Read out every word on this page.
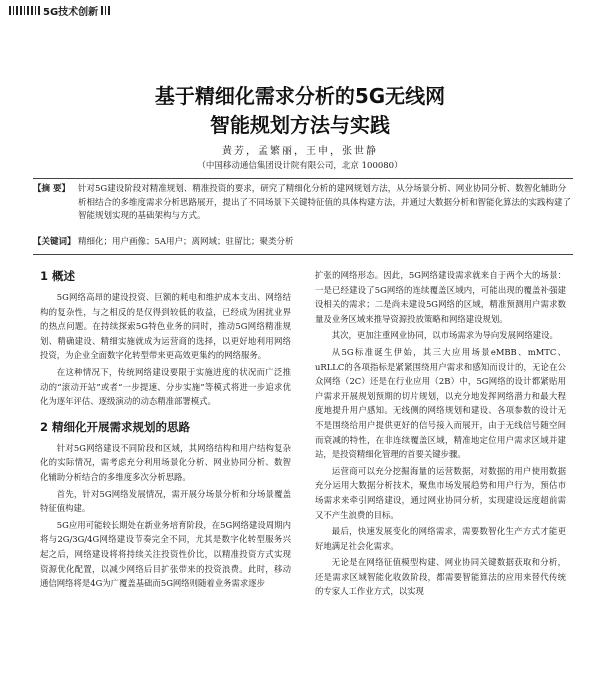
5G技术创新
基于精细化需求分析的5G无线网
智能规划方法与实践
黄芳，孟繁丽，王申，张世静
（中国移动通信集团设计院有限公司，北京 100080）
【摘 要】 针对5G建设阶段对精准规划、精准投资的要求，研究了精细化分析的建网规划方法，从分场景分析、网业协同分析、数智化辅助分析相结合的多维度需求分析思路展开，提出了不同场景下关键特征值的具体构建方法，并通过大数据分析和智能化算法的实践构建了智能规划实现的基础架构与方式。
【关键词】 精细化；用户画像；5A用户；离网域；驻留比；聚类分析
1 概述

5G网络高昂的建设投资、巨额的耗电和维护成本支出、网络结构的复杂性，与之相反的是仅得到较低的收益，已经成为困扰业界的热点问题。在持续探索5G特色业务的同时，推动5G网络精准规划、精确建设、精细实施就成为运营商的选择，以更好地利用网络投资，为企业全面数字化转型带来更高效更集约的网络服务。

在这种情况下，传统网络建设要限于实施进度的状况而广泛推动的“滚动开站”或者“一步提速、分步实施”等模式将进一步追求优化为逐年评估、逐级演动的动态精准部署模式。

2 精细化开展需求规划的思路

针对5G网络建设不同阶段和区域，其网络结构和用户结构复杂化的实际情况，需考虑充分利用场景化分析、网业协同分析、数智化辅助分析结合的多维度多次分析思路。

首先，针对5G网络发展情况，需开展分场景分析和分场景覆盖特征值构建。

5G应用可能较长期处在新业务培育阶段，在5G网络建设周期内将与2G/3G/4G网络建设节奏完全不同，尤其是数字化转型服务兴起之后，网络建设将将持续关注投资性价比，以精准投资方式实现资源优化配置，以减少网络后目扩张带来的投资浪费。此时，移动通信网络将是4G为广覆盖基础而5G网络则随着业务需求逐步

扩张的网络形态。因此，5G网络建设需求就来自于两个大的场景：一是已经建设了5G网络的连续覆盖区域内，可能出现的覆盖补强建设相关的需求；二是尚未建设5G网络的区域，精准预测用户需求数量及业务区域来推导资源投放策略和网络建设规划。

其次，更加注重网业协同，以市场需求为导向发展网络建设。

从5G标准诞生伊始，其三大应用场景eMBB、mMTC、uRLLC的各项指标是紧紧围绕用户需求和感知而设计的，无论在公众网络（2C）还是在行业应用（2B）中，5G网络的设计都紧贴用户需求开展规划预期的切片规划，以充分地发挥网络潜力和最大程度地提升用户感知。无线侧的网络规划和建设、各项参数的设计无不是围绕给用户提供更好的信号接入而展开，由于无线信号随空间而衰减的特性，在非连续覆盖区域，精准地定位用户需求区域并建站，是投资精细化管理的首要关键步骤。

运营商可以充分挖掘海量的运营数据，对数据的用户使用数据充分运用大数据分析技术，聚焦市场发展趋势和用户行为，预估市场需求来牵引网络建设，通过网业协同分析，实现建设远度超前需又不产生浪费的目标。

最后，快速发展变化的网络需求，需要数智化生产方式才能更好地满足社会化需求。

无论是在网络征值模型构建、网业协同关键数据获取和分析，还是需求区域智能化收敛阶段，都需要智能算法的应用来替代传统的专家人工作业方式，以实现
